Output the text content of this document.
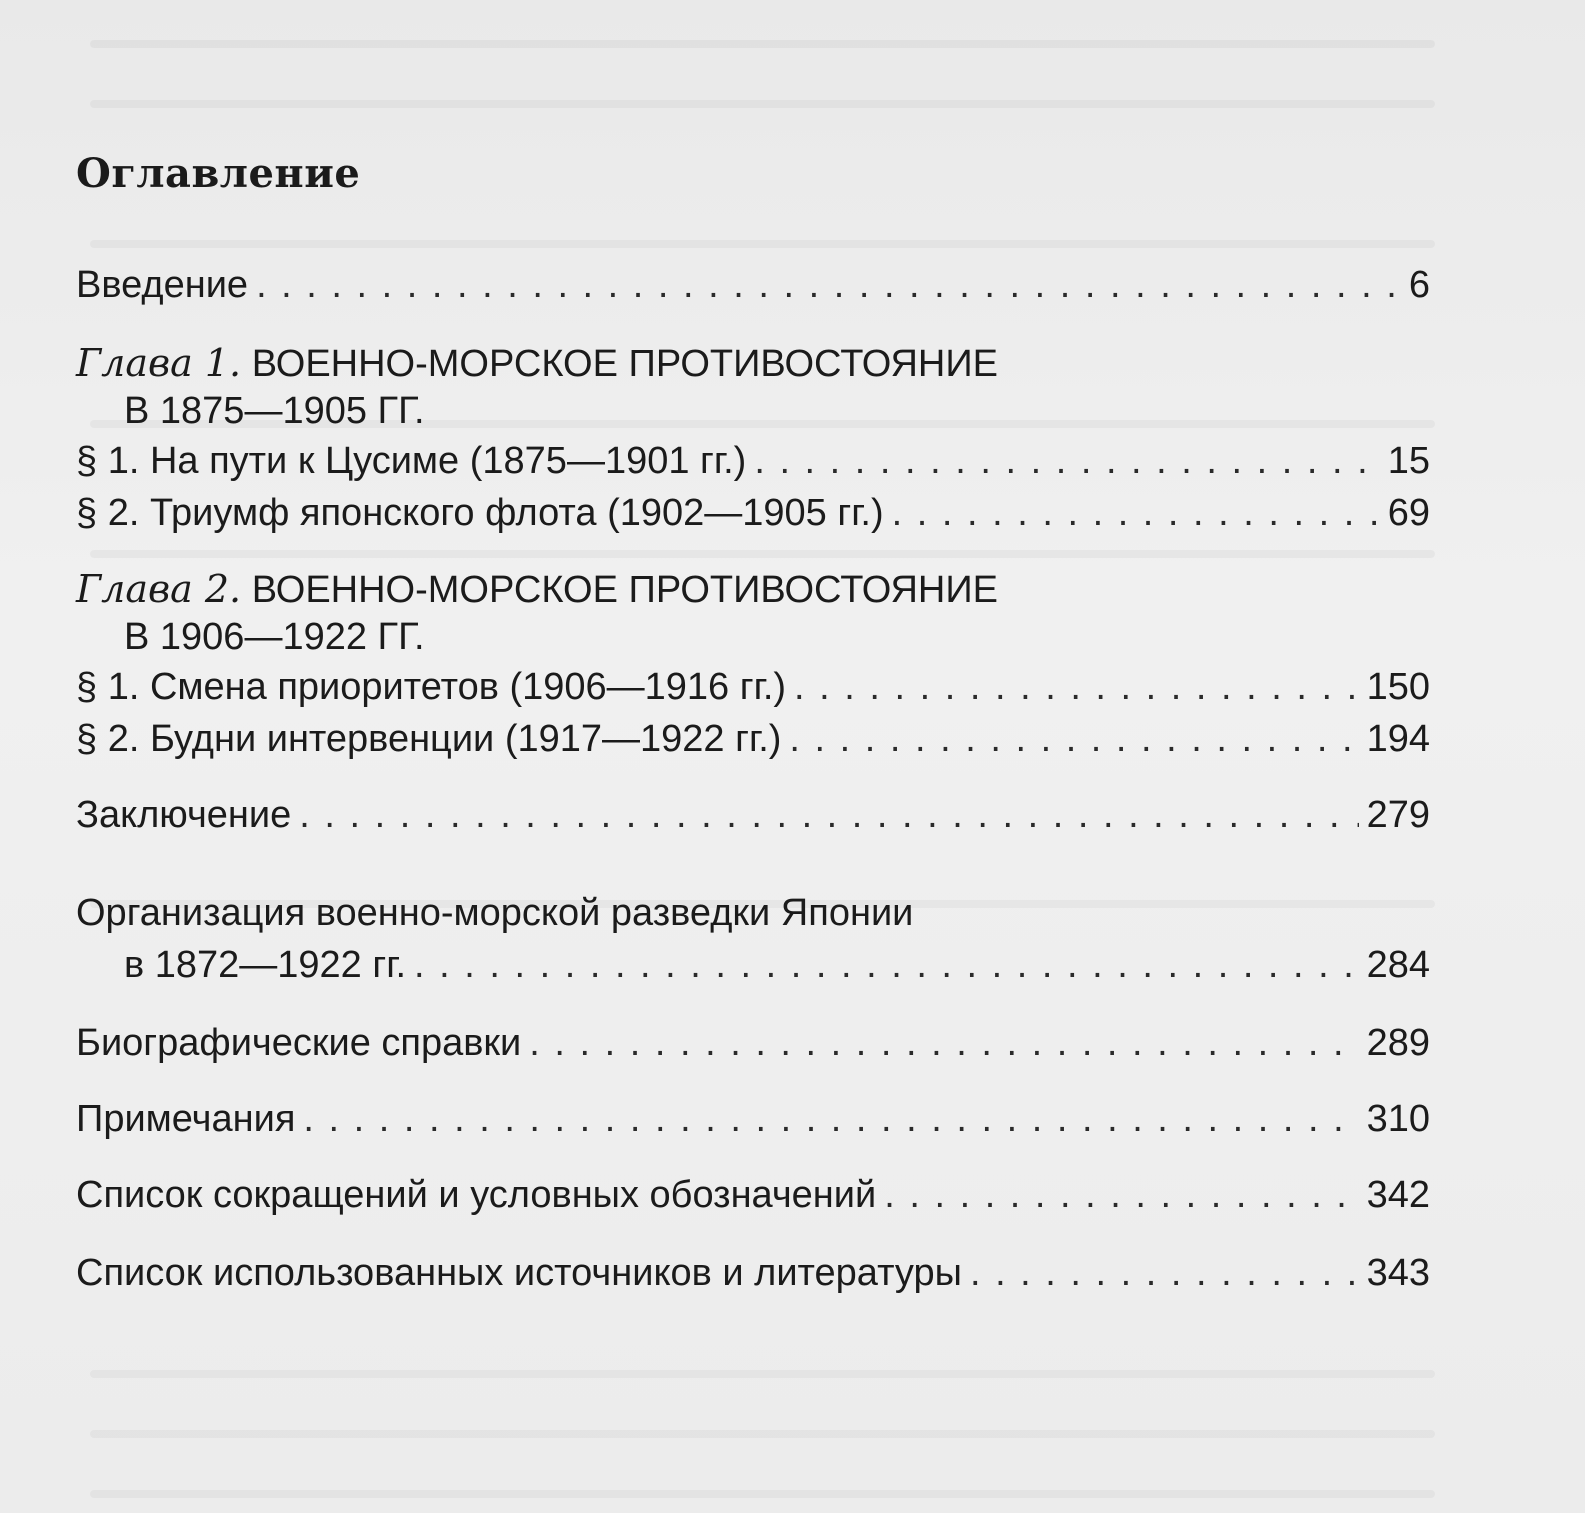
Оглавление
Введение . . .	6
Глава 1. ВОЕННО-МОРСКОЕ ПРОТИВОСТОЯНИЕ
В 1875—1905 ГГ.
§ 1. На пути к Цусиме (1875—1901 гг.) . . .	15
§ 2. Триумф японского флота (1902—1905 гг.) . . .	69
Глава 2. ВОЕННО-МОРСКОЕ ПРОТИВОСТОЯНИЕ
В 1906—1922 ГГ.
§ 1. Смена приоритетов (1906—1916 гг.) . . .	150
§ 2. Будни интервенции (1917—1922 гг.) . . .	194
Заключение . . .	279
Организация военно-морской разведки Японии
в 1872—1922 гг. . . .	284
Биографические справки . . .	289
Примечания . . .	310
Список сокращений и условных обозначений . . .	342
Список использованных источников и литературы . . .	343
